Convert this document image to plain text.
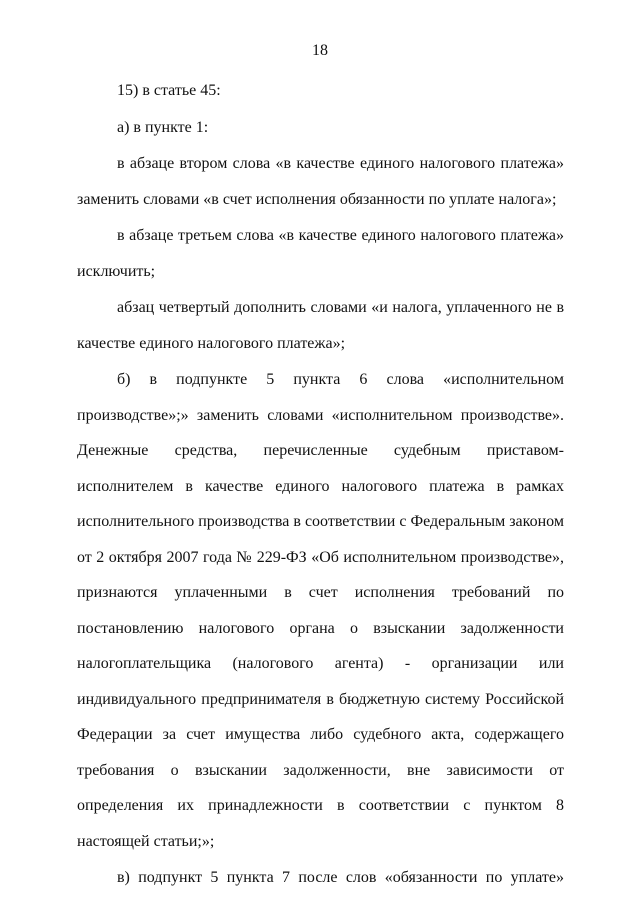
18

15) в статье 45:

а) в пункте 1:

в абзаце втором слова «в качестве единого налогового платежа» заменить словами «в счет исполнения обязанности по уплате налога»;

в абзаце третьем слова «в качестве единого налогового платежа» исключить;

абзац четвертый дополнить словами «и налога, уплаченного не в качестве единого налогового платежа»;

б) в подпункте 5 пункта 6 слова «исполнительном производстве»;» заменить словами «исполнительном производстве». Денежные средства, перечисленные судебным приставом-исполнителем в качестве единого налогового платежа в рамках исполнительного производства в соответствии с Федеральным законом от 2 октября 2007 года № 229-ФЗ «Об исполнительном производстве», признаются уплаченными в счет исполнения требований по постановлению налогового органа о взыскании задолженности налогоплательщика (налогового агента) - организации или индивидуального предпринимателя в бюджетную систему Российской Федерации за счет имущества либо судебного акта, содержащего требования о взыскании задолженности, вне зависимости от определения их принадлежности в соответствии с пунктом 8 настоящей статьи;»;

в) подпункт 5 пункта 7 после слов «обязанности по уплате»
